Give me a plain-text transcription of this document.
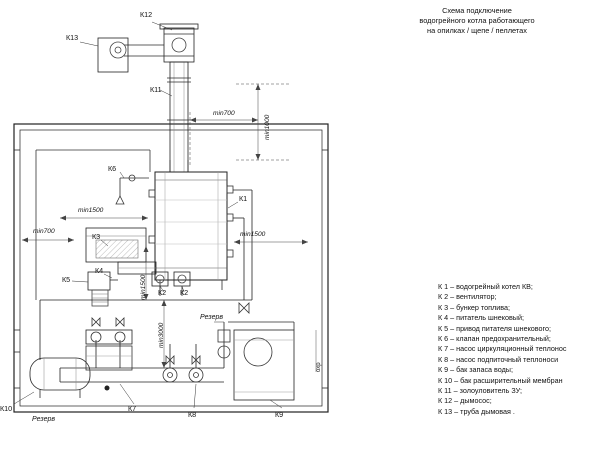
Схема подключение
водогрейного котла работающего
на опилках / щепе / пеллетах
К 1 – водогрейный котел КВ;
К 2 – вентилятор;
К 3 – бункер топлива;
К 4 – питатель шнековый;
К 5 – привод питателя шнекового;
К 6 – клапан предохранительный;
К 7 – насос циркуляционный теплоноc
К 8 – насос подпиточный теплоноси
К 9 – бак запаса воды;
К 10 – бак расширительный мембран
К 11 – золоуловитель ЗУ;
К 12 – дымосос;
К 13 – труба дымовая .
К12
К13
К11
К6
К1
К3
К4
К5
К2 К2
К10	К7
К8	К9
Резерв
Резерв
min700
min1000
min1500
min700	min1500
min1500
min3000
охр
